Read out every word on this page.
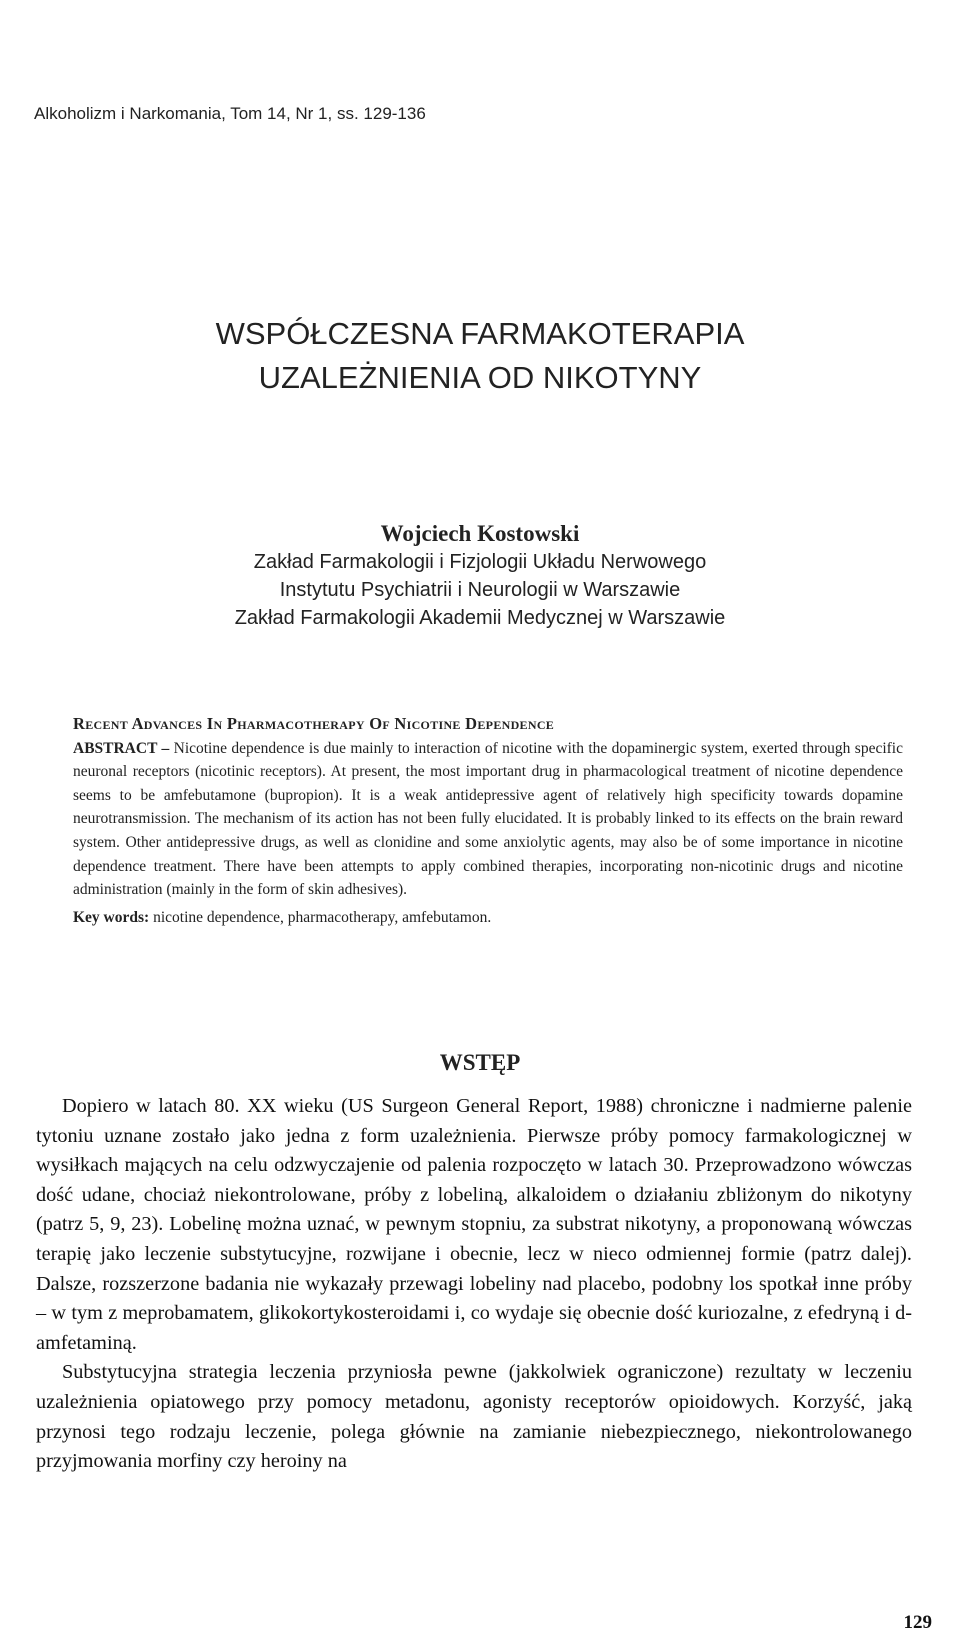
Alkoholizm i Narkomania, Tom 14, Nr 1, ss. 129-136
WSPÓŁCZESNA FARMAKOTERAPIA
UZALEŻNIENIA OD NIKOTYNY
Wojciech Kostowski
Zakład Farmakologii i Fizjologii Układu Nerwowego
Instytutu Psychiatrii i Neurologii w Warszawie
Zakład Farmakologii Akademii Medycznej w Warszawie
Recent Advances In Pharmacotherapy Of Nicotine Dependence
ABSTRACT – Nicotine dependence is due mainly to interaction of nicotine with the dopaminergic system, exerted through specific neuronal receptors (nicotinic receptors). At present, the most important drug in pharmacological treatment of nicotine dependence seems to be amfebutamone (bupropion). It is a weak antidepressive agent of relatively high specificity towards dopamine neurotransmission. The mechanism of its action has not been fully elucidated. It is probably linked to its effects on the brain reward system. Other antidepressive drugs, as well as clonidine and some anxiolytic agents, may also be of some importance in nicotine dependence treatment. There have been attempts to apply combined therapies, incorporating non-nicotinic drugs and nicotine administration (mainly in the form of skin adhesives).
Key words: nicotine dependence, pharmacotherapy, amfebutamon.
WSTĘP

Dopiero w latach 80. XX wieku (US Surgeon General Report, 1988) chroniczne i nadmierne palenie tytoniu uznane zostało jako jedna z form uzależnienia. Pierwsze próby pomocy farmakologicznej w wysiłkach mających na celu odzwyczajenie od palenia rozpoczęto w latach 30. Przeprowadzono wówczas dość udane, chociaż niekontrolowane, próby z lobeliną, alkaloidem o działaniu zbliżonym do nikotyny (patrz 5, 9, 23). Lobelinę można uznać, w pewnym stopniu, za substrat nikotyny, a proponowaną wówczas terapię jako leczenie substytucyjne, rozwijane i obecnie, lecz w nieco odmiennej formie (patrz dalej). Dalsze, rozszerzone badania nie wykazały przewagi lobeliny nad placebo, podobny los spotkał inne próby – w tym z meprobamatem, glikokortykosteroidami i, co wydaje się obecnie dość kuriozalne, z efedryną i d-amfetaminą.

Substytucyjna strategia leczenia przyniosła pewne (jakkolwiek ograniczone) rezultaty w leczeniu uzależnienia opiatowego przy pomocy metadonu, agonisty receptorów opioidowych. Korzyść, jaką przynosi tego rodzaju leczenie, polega głównie na zamianie niebezpiecznego, niekontrolowanego przyjmowania morfiny czy heroiny na

129
